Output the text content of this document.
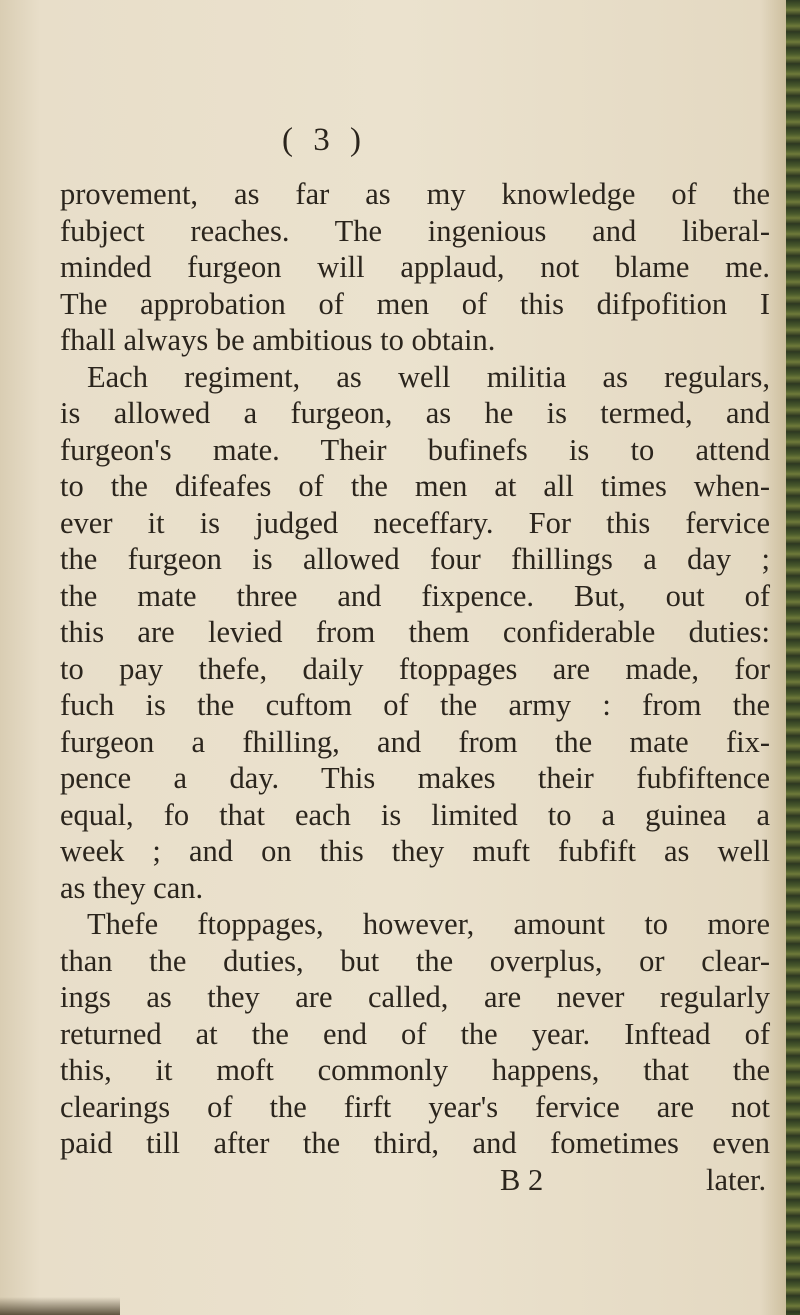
( 3 )
provement, as far as my knowledge of the
fubject reaches. The ingenious and liberal-
minded furgeon will applaud, not blame me.
The approbation of men of this difpofition I
fhall always be ambitious to obtain.
Each regiment, as well militia as regulars,
is allowed a furgeon, as he is termed, and
furgeon's mate. Their bufinefs is to attend
to the difeafes of the men at all times when-
ever it is judged neceffary. For this fervice
the furgeon is allowed four fhillings a day ;
the mate three and fixpence. But, out of
this are levied from them confiderable duties:
to pay thefe, daily ftoppages are made, for
fuch is the cuftom of the army : from the
furgeon a fhilling, and from the mate fix-
pence a day. This makes their fubfiftence
equal, fo that each is limited to a guinea a
week ; and on this they muft fubfift as well
as they can.
Thefe ftoppages, however, amount to more
than the duties, but the overplus, or clear-
ings as they are called, are never regularly
returned at the end of the year. Inftead of
this, it moft commonly happens, that the
clearings of the firft year's fervice are not
paid till after the third, and fometimes even
B 2	later.
